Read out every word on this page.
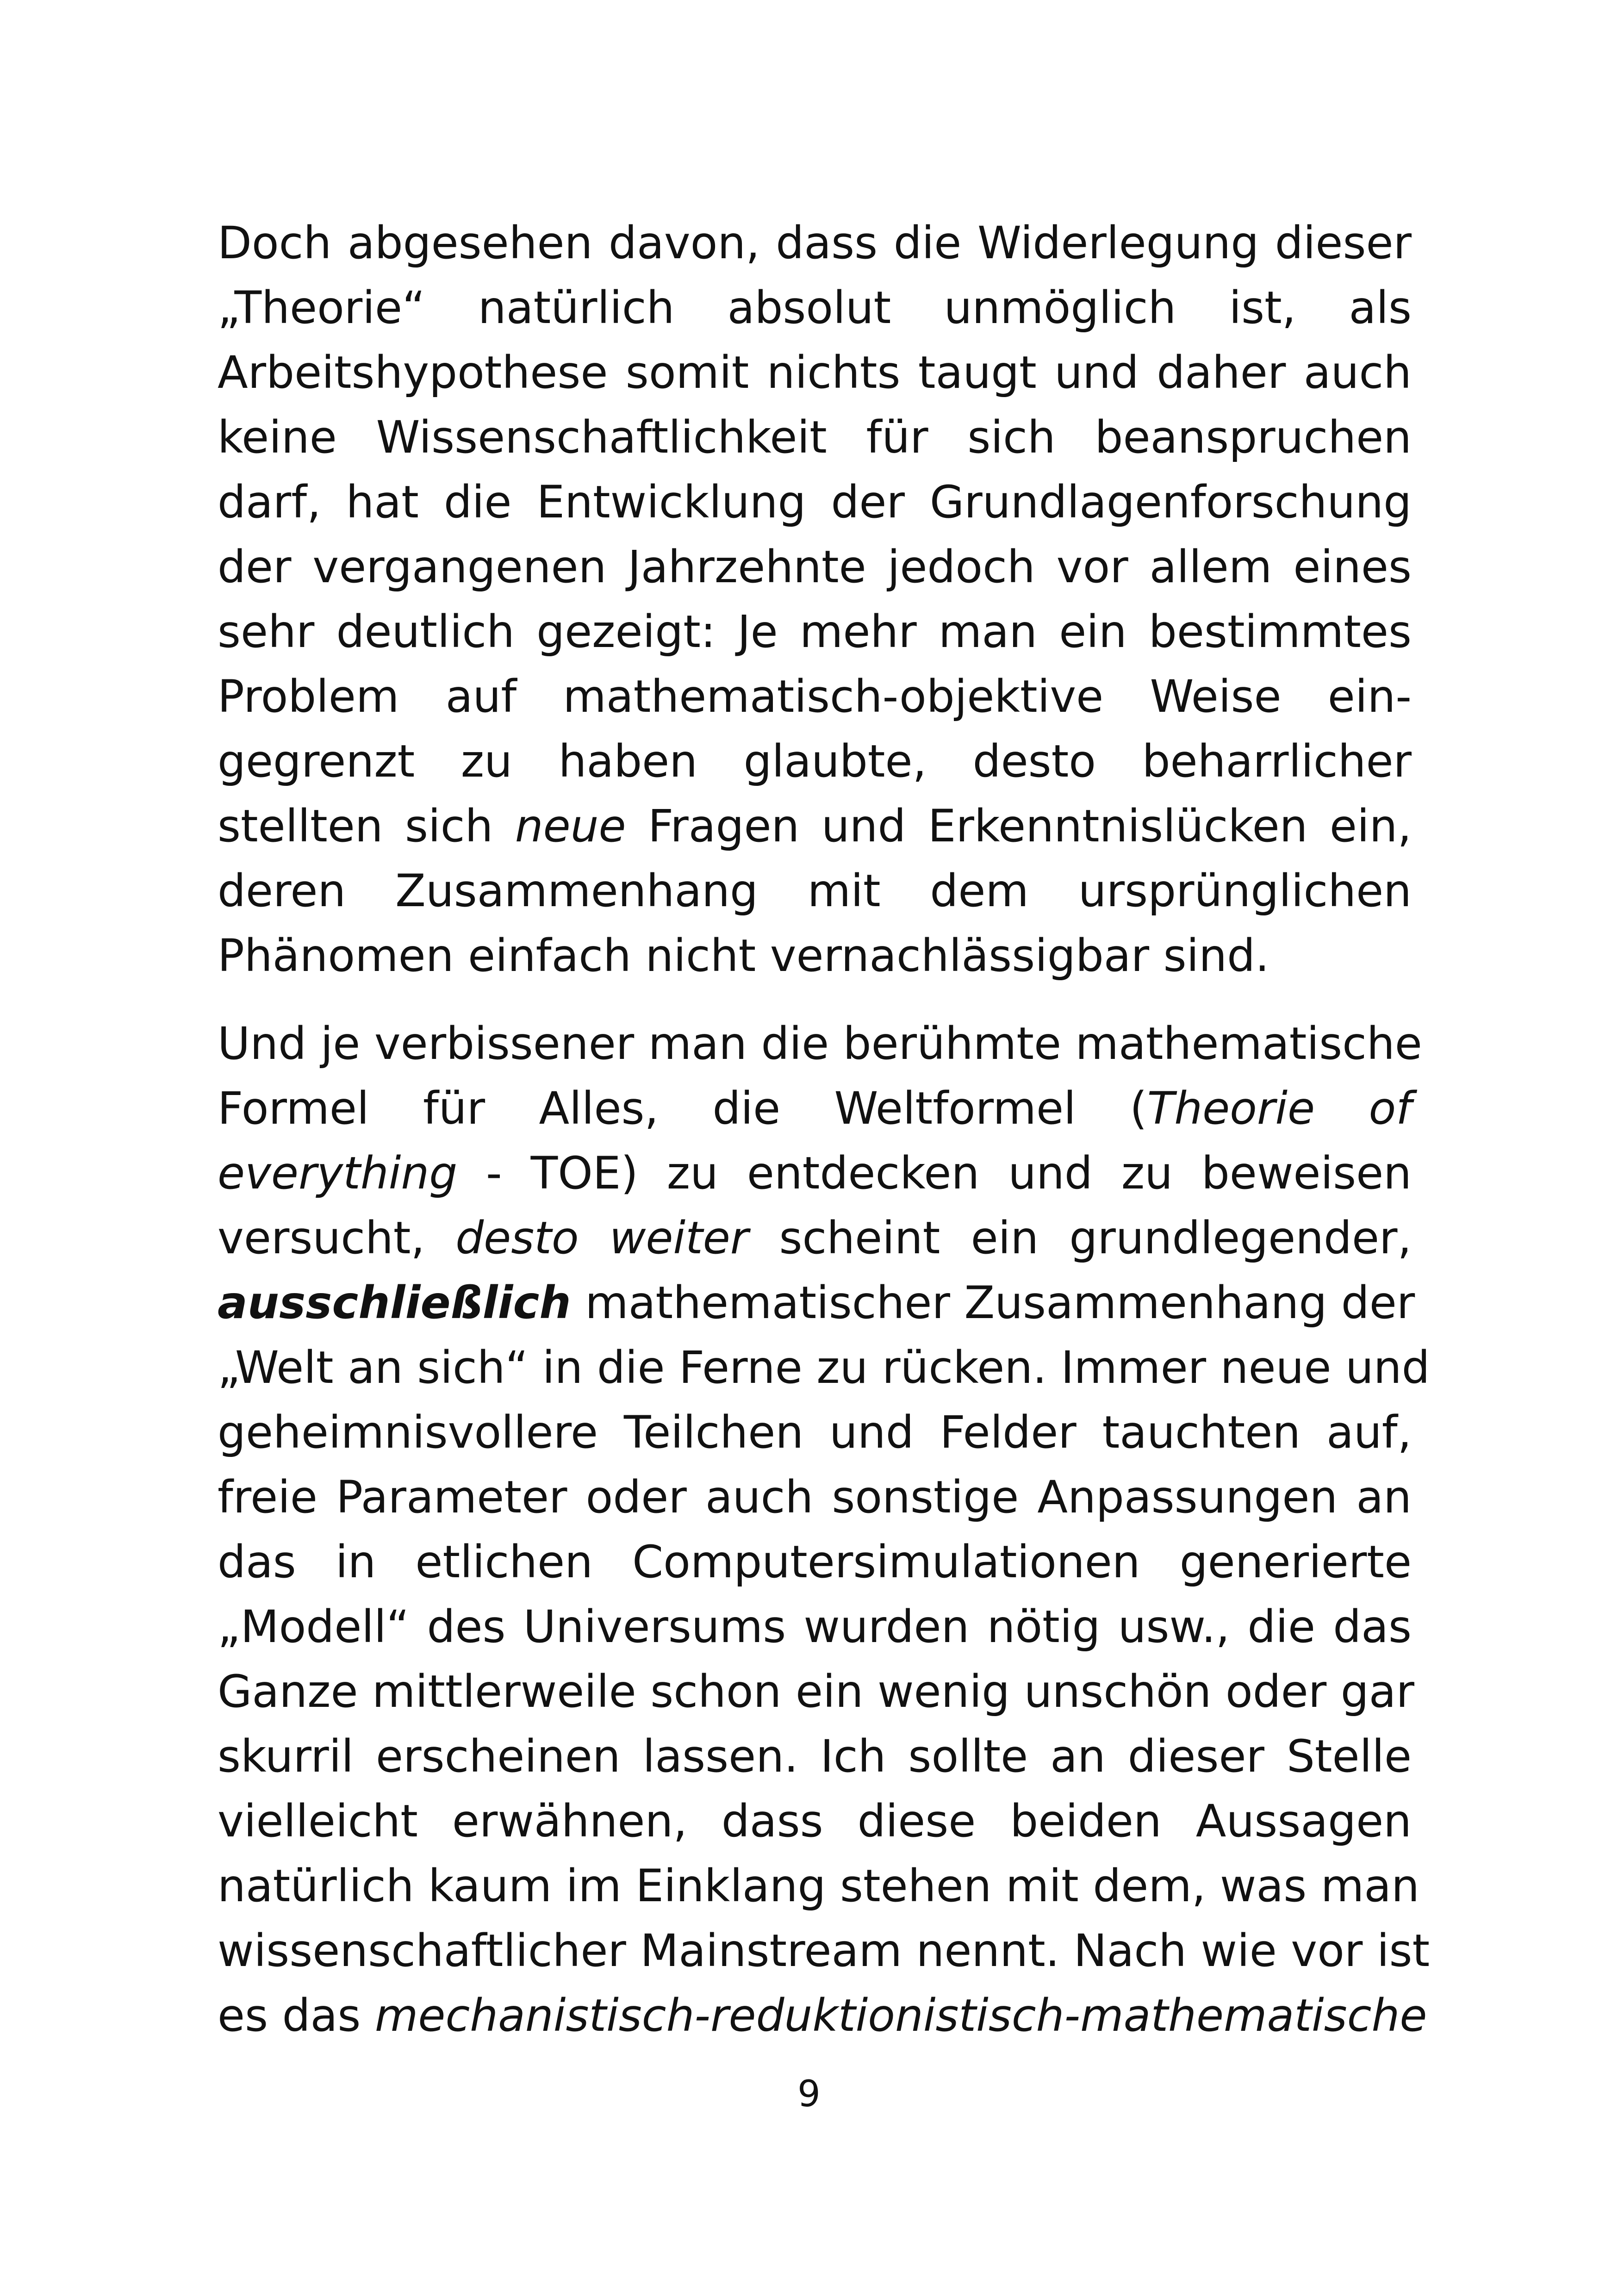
Doch abgesehen davon, dass die Widerlegung dieser
„Theorie“ natürlich absolut unmöglich ist, als
Arbeitshypothese somit nichts taugt und daher auch
keine Wissenschaftlichkeit für sich beanspruchen
darf, hat die Entwicklung der Grundlagenforschung
der vergangenen Jahrzehnte jedoch vor allem eines
sehr deutlich gezeigt: Je mehr man ein bestimmtes
Problem auf mathematisch-objektive Weise ein-
gegrenzt zu haben glaubte, desto beharrlicher
stellten sich neue Fragen und Erkenntnislücken ein,
deren Zusammenhang mit dem ursprünglichen
Phänomen einfach nicht vernachlässigbar sind.

Und je verbissener man die berühmte mathematische
Formel für Alles, die Weltformel (Theorie of
everything - TOE) zu entdecken und zu beweisen
versucht, desto weiter scheint ein grundlegender,
ausschließlich mathematischer Zusammenhang der
„Welt an sich“ in die Ferne zu rücken. Immer neue und
geheimnisvollere Teilchen und Felder tauchten auf,
freie Parameter oder auch sonstige Anpassungen an
das in etlichen Computersimulationen generierte
„Modell“ des Universums wurden nötig usw., die das
Ganze mittlerweile schon ein wenig unschön oder gar
skurril erscheinen lassen. Ich sollte an dieser Stelle
vielleicht erwähnen, dass diese beiden Aussagen
natürlich kaum im Einklang stehen mit dem, was man
wissenschaftlicher Mainstream nennt. Nach wie vor ist
es das mechanistisch-reduktionistisch-mathematische

9
